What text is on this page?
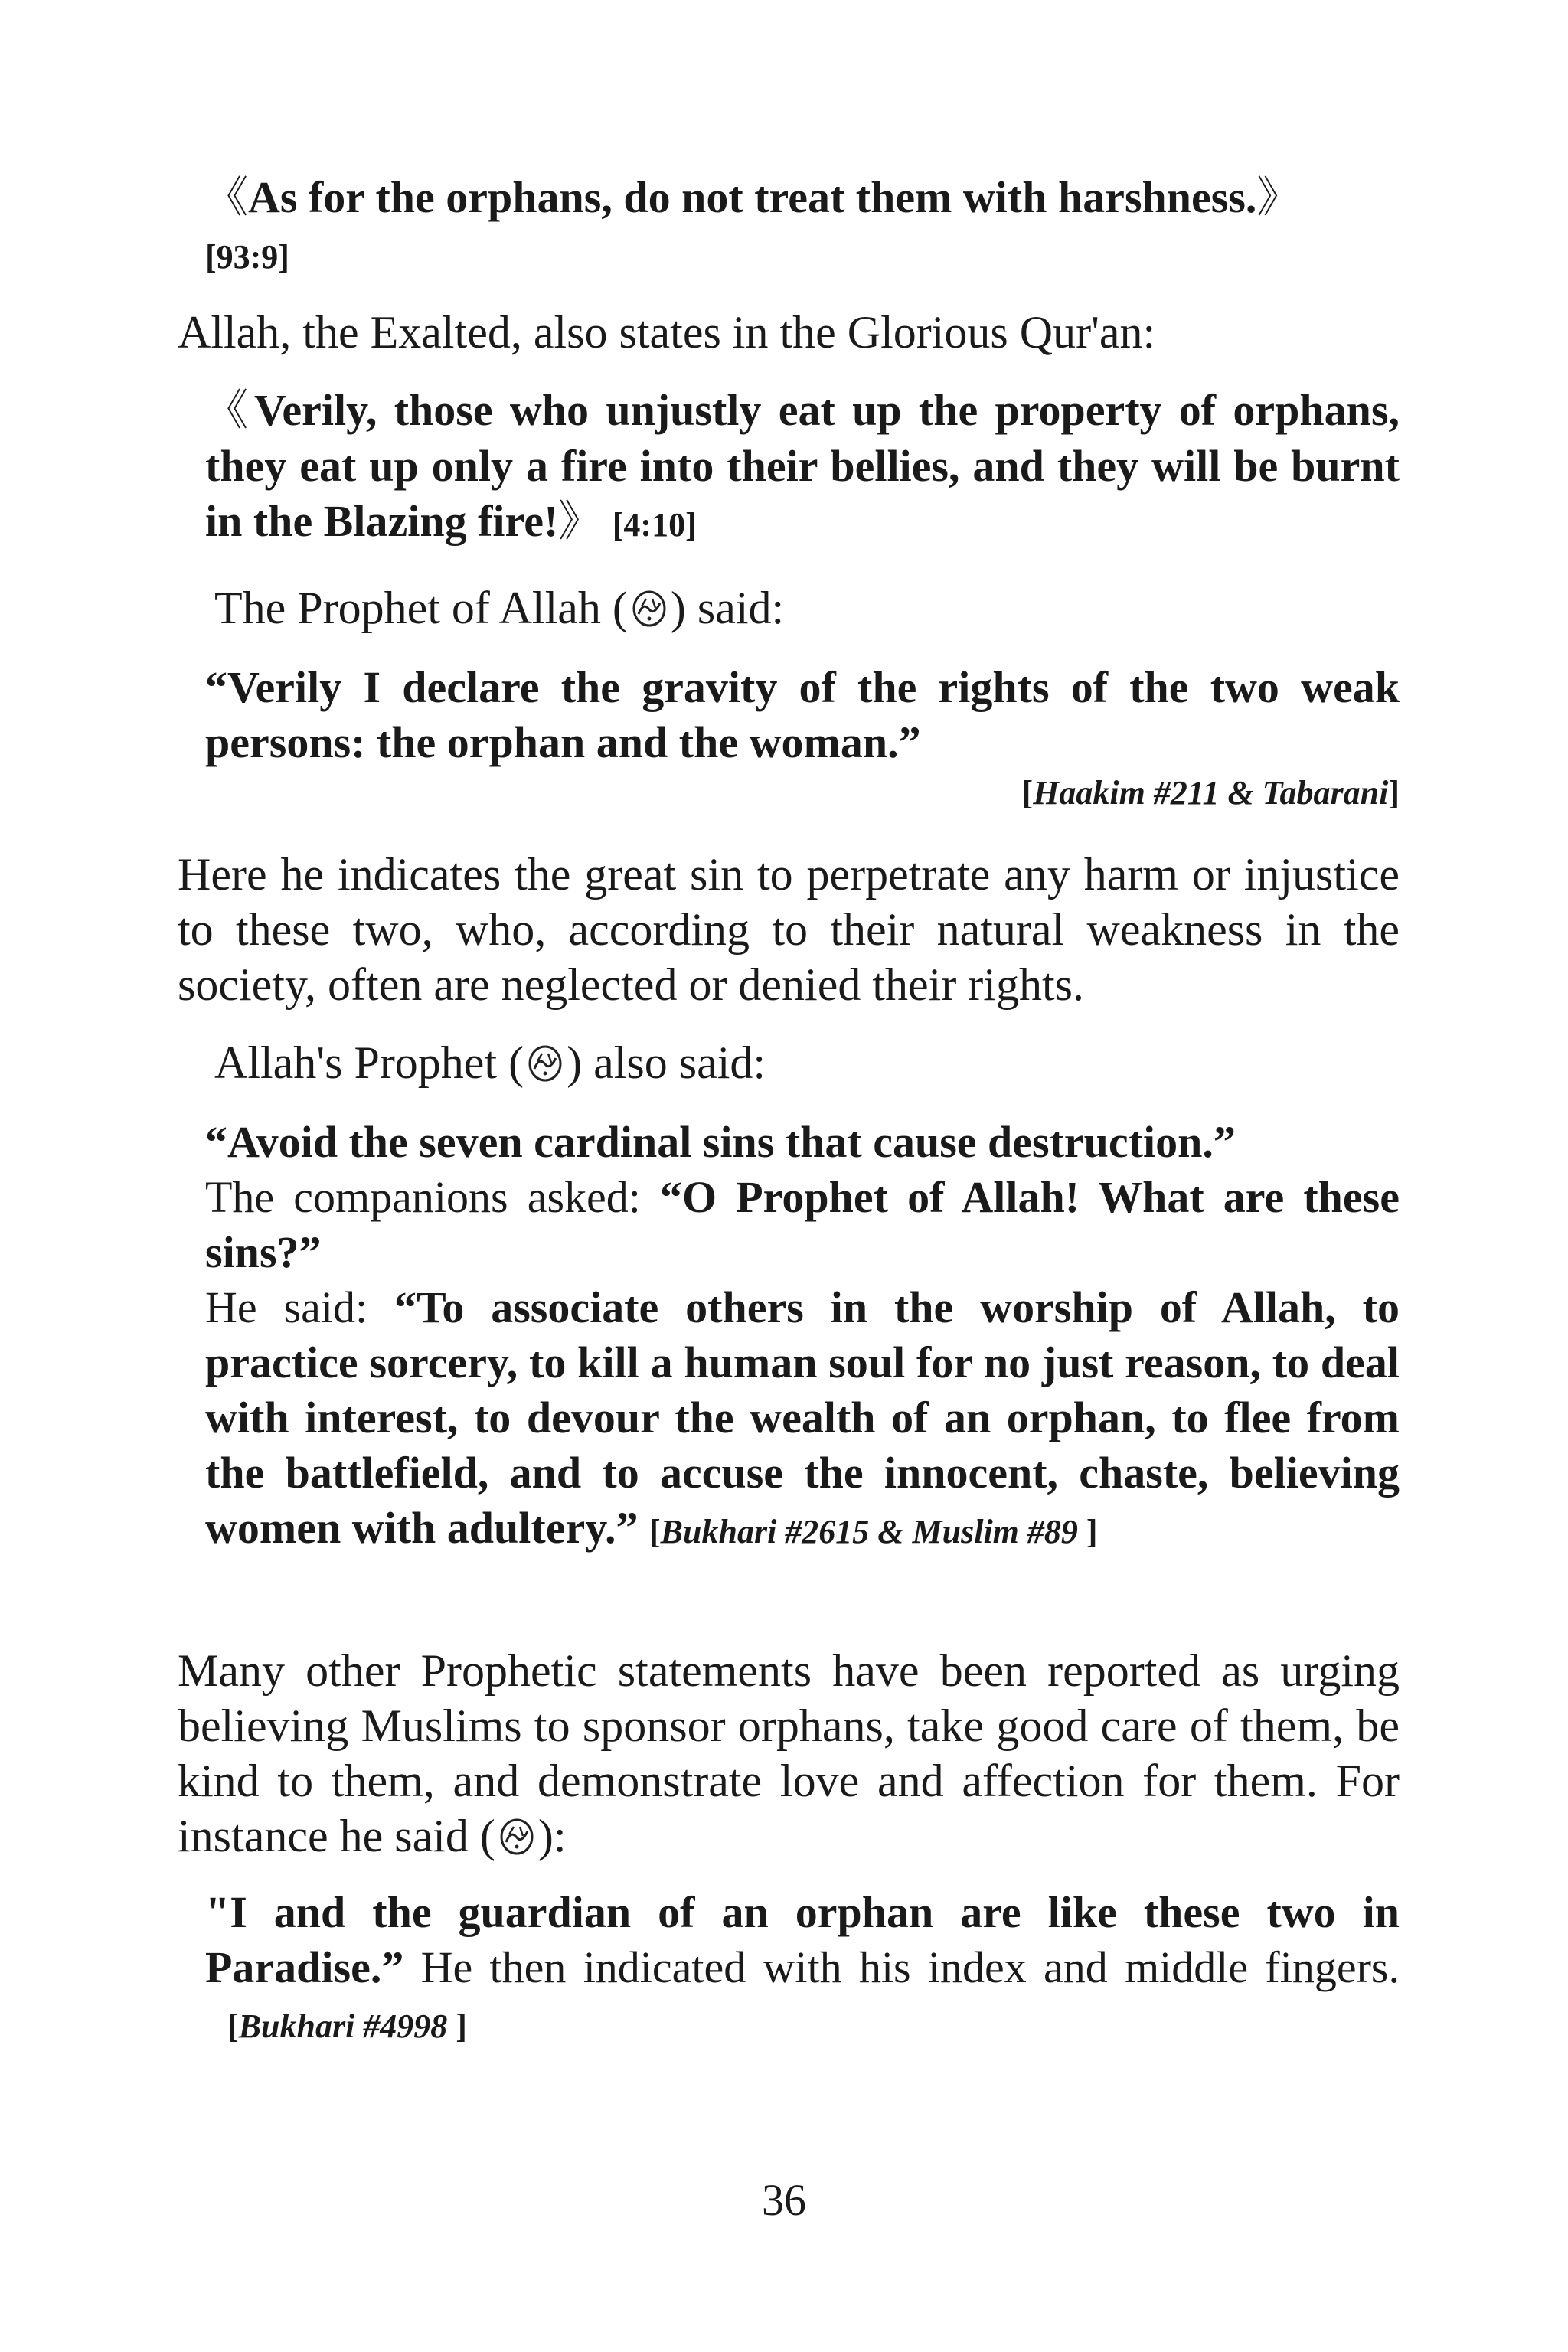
《As for the orphans, do not treat them with harshness.》
[93:9]
Allah, the Exalted, also states in the Glorious Qur'an:
《Verily, those who unjustly eat up the property of orphans, they eat up only a fire into their bellies, and they will be burnt in the Blazing fire!》 [4:10]
The Prophet of Allah ( ) said:
“Verily I declare the gravity of the rights of the two weak persons: the orphan and the woman.”
[Haakim #211 & Tabarani]
Here he indicates the great sin to perpetrate any harm or injustice to these two, who, according to their natural weakness in the society, often are neglected or denied their rights.
Allah's Prophet ( ) also said:
“Avoid the seven cardinal sins that cause destruction.”
The companions asked: “O Prophet of Allah! What are these sins?”
He said: “To associate others in the worship of Allah, to practice sorcery, to kill a human soul for no just reason, to deal with interest, to devour the wealth of an orphan, to flee from the battlefield, and to accuse the innocent, chaste, believing women with adultery.” [Bukhari #2615 & Muslim #89 ]
Many other Prophetic statements have been reported as urging believing Muslims to sponsor orphans, take good care of them, be kind to them, and demonstrate love and affection for them. For instance he said ( ):
"I and the guardian of an orphan are like these two in Paradise.” He then indicated with his index and middle fingers.   [Bukhari #4998 ]
36
